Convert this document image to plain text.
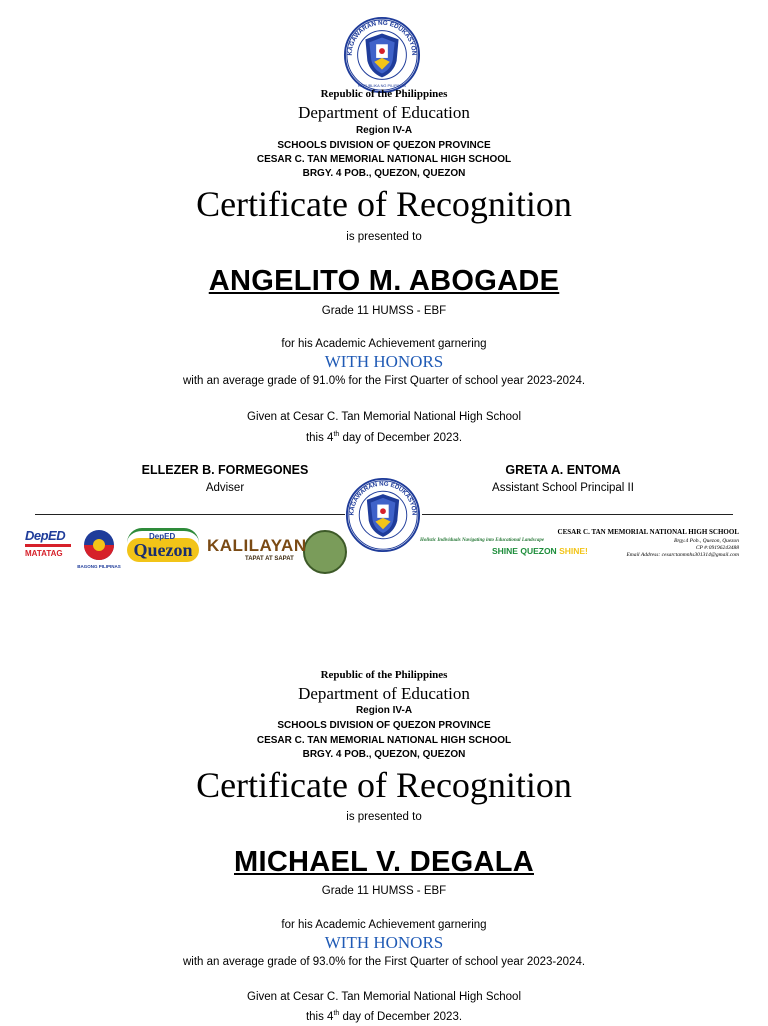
KAGAWARAN NG EDUKASYON
REPUBLIKA NG PILIPINAS
Republic of the Philippines
Department of Education
Region IV-A
SCHOOLS DIVISION OF QUEZON PROVINCE
CESAR C. TAN MEMORIAL NATIONAL HIGH SCHOOL
BRGY. 4 POB., QUEZON, QUEZON
Certificate of Recognition
is presented to
ANGELITO M. ABOGADE
Grade 11 HUMSS - EBF
for his Academic Achievement garnering
WITH HONORS
with an average grade of 91.0% for the First Quarter of school year 2023-2024.
Given at Cesar C. Tan Memorial National High School
this 4th day of December 2023.
ELLEZER B. FORMEGONES
Adviser
GRETA A. ENTOMA
Assistant School Principal II
KAGAWARAN NG EDUKASYON
DepED
MATATAG
BAGONG PILIPINAS
DepED
Quezon KALILAYAN
TAPAT AT SAPAT
CESAR C. TAN MEMORIAL NATIONAL HIGH SCHOOL
Holistic Individuals Navigating into Educational Landscape
SHINE QUEZON SHINE!
Brgy.4 Pob., Quezon, Quezon
CP #:09196243488
Email Address: cesarctanmnhs301314@gmail.com
Republic of the Philippines
Department of Education
Region IV-A
SCHOOLS DIVISION OF QUEZON PROVINCE
CESAR C. TAN MEMORIAL NATIONAL HIGH SCHOOL
BRGY. 4 POB., QUEZON, QUEZON
Certificate of Recognition
is presented to
MICHAEL V. DEGALA
Grade 11 HUMSS - EBF
for his Academic Achievement garnering
WITH HONORS
with an average grade of 93.0% for the First Quarter of school year 2023-2024.
Given at Cesar C. Tan Memorial National High School
this 4th day of December 2023.
